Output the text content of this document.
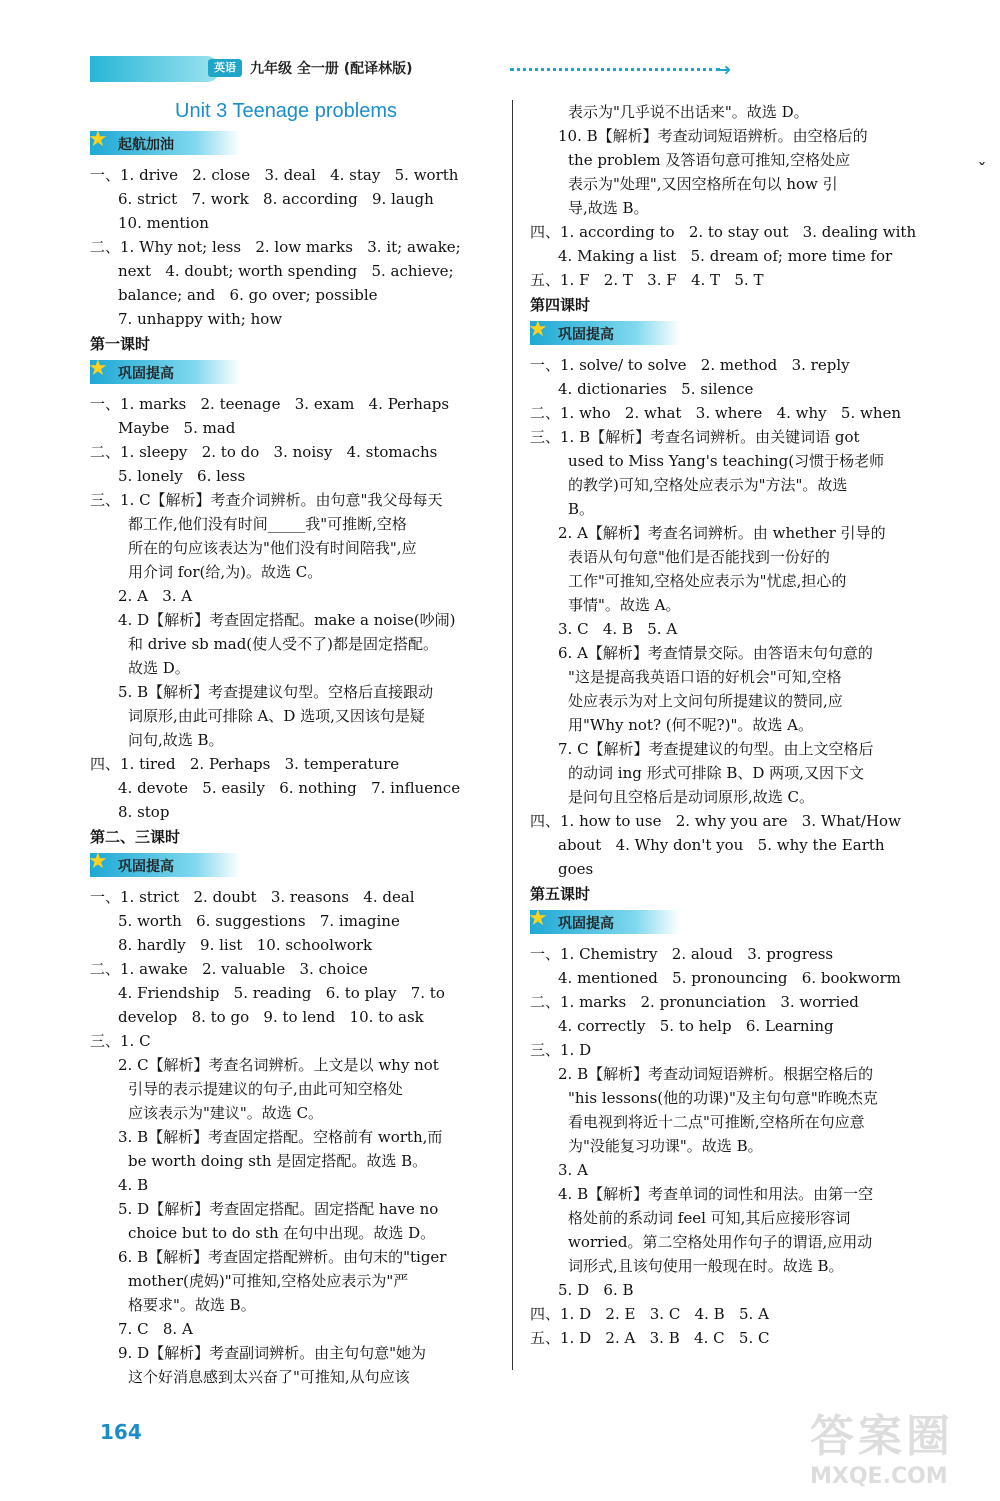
英语	九年级 全一册 (配译林版)	➜
ˇ
Unit 3 Teenage problems
★ 起航加油

一、1. drive   2. close   3. deal   4. stay   5. worth

6. strict   7. work   8. according   9. laugh

10. mention

二、1. Why not; less   2. low marks   3. it; awake;

next   4. doubt; worth spending   5. achieve;

balance; and   6. go over; possible

7. unhappy with; how

第一课时
★ 巩固提高

一、1. marks   2. teenage   3. exam   4. Perhaps

Maybe   5. mad

二、1. sleepy   2. to do   3. noisy   4. stomachs

5. lonely   6. less

三、1. C【解析】考查介词辨析。由句意"我父母每天

都工作,他们没有时间_____我"可推断,空格

所在的句应该表达为"他们没有时间陪我",应

用介词 for(给,为)。故选 C。

2. A   3. A

4. D【解析】考查固定搭配。make a noise(吵闹)

和 drive sb mad(使人受不了)都是固定搭配。

故选 D。

5. B【解析】考查提建议句型。空格后直接跟动

词原形,由此可排除 A、D 选项,又因该句是疑

问句,故选 B。

四、1. tired   2. Perhaps   3. temperature

4. devote   5. easily   6. nothing   7. influence

8. stop

第二、三课时
★ 巩固提高

一、1. strict   2. doubt   3. reasons   4. deal

5. worth   6. suggestions   7. imagine

8. hardly   9. list   10. schoolwork

二、1. awake   2. valuable   3. choice

4. Friendship   5. reading   6. to play   7. to

develop   8. to go   9. to lend   10. to ask

三、1. C

2. C【解析】考查名词辨析。上文是以 why not

引导的表示提建议的句子,由此可知空格处

应该表示为"建议"。故选 C。

3. B【解析】考查固定搭配。空格前有 worth,而

be worth doing sth 是固定搭配。故选 B。

4. B

5. D【解析】考查固定搭配。固定搭配 have no

choice but to do sth 在句中出现。故选 D。

6. B【解析】考查固定搭配辨析。由句末的"tiger

mother(虎妈)"可推知,空格处应表示为"严

格要求"。故选 B。

7. C   8. A

9. D【解析】考查副词辨析。由主句句意"她为

这个好消息感到太兴奋了"可推知,从句应该

表示为"几乎说不出话来"。故选 D。

10. B【解析】考查动词短语辨析。由空格后的

the problem 及答语句意可推知,空格处应

表示为"处理",又因空格所在句以 how 引

导,故选 B。

四、1. according to   2. to stay out   3. dealing with

4. Making a list   5. dream of; more time for

五、1. F   2. T   3. F   4. T   5. T

第四课时
★ 巩固提高

一、1. solve/ to solve   2. method   3. reply

4. dictionaries   5. silence

二、1. who   2. what   3. where   4. why   5. when

三、1. B【解析】考查名词辨析。由关键词语 got

used to Miss Yang's teaching(习惯于杨老师

的教学)可知,空格处应表示为"方法"。故选

B。

2. A【解析】考查名词辨析。由 whether 引导的

表语从句句意"他们是否能找到一份好的

工作"可推知,空格处应表示为"忧虑,担心的

事情"。故选 A。

3. C   4. B   5. A

6. A【解析】考查情景交际。由答语末句句意的

"这是提高我英语口语的好机会"可知,空格

处应表示为对上文问句所提建议的赞同,应

用"Why not? (何不呢?)"。故选 A。

7. C【解析】考查提建议的句型。由上文空格后

的动词 ing 形式可排除 B、D 两项,又因下文

是问句且空格后是动词原形,故选 C。

四、1. how to use   2. why you are   3. What/How

about   4. Why don't you   5. why the Earth

goes

第五课时
★ 巩固提高

一、1. Chemistry   2. aloud   3. progress

4. mentioned   5. pronouncing   6. bookworm

二、1. marks   2. pronunciation   3. worried

4. correctly   5. to help   6. Learning

三、1. D

2. B【解析】考查动词短语辨析。根据空格后的

"his lessons(他的功课)"及主句句意"昨晚杰克

看电视到将近十二点"可推断,空格所在句应意

为"没能复习功课"。故选 B。

3. A

4. B【解析】考查单词的词性和用法。由第一空

格处前的系动词 feel 可知,其后应接形容词

worried。第二空格处用作句子的谓语,应用动

词形式,且该句使用一般现在时。故选 B。

5. D   6. B

四、1. D   2. E   3. C   4. B   5. A

五、1. D   2. A   3. B   4. C   5. C

164	答案圈
MXQE.COM
